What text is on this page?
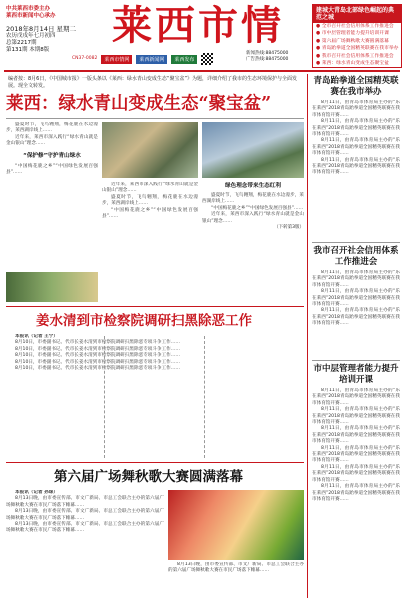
中共莱西市委主办
莱西市新闻中心承办
2018年8月14日 星期二
农历戊戌年七月初四
总第2217期
第131期 本期8版
莱西市情
CN37-0082	莱西市情网	莱西新闻网	莱西发布
新闻热线:88475000
广告热线:88475000
建城大青岛北部绿色崛起的典范之城
● 全市召开社会信用体系工作推进会
● 市中层管理者能力提升培训开课
● 第六届广场舞秋歌大赛圆满落幕
● 青岛跆拳道全国精英联赛在我市举办
● 我市召开社会信用体系工作推进会
● 莱西：绿水青山变成生态聚宝盆
编者按：8月6日，《中国城市报》一版头条以《莱西：绿水青山变成生态“聚宝盆”》为题，详细介绍了我市的生态环境保护与全面发展。现全文转发。
莱西：绿水青山变成生态“聚宝盆”

盛夏时节，飞鸟翱翔，梅花鹿在水边漫步，莱西湖岸线上……

近年来，莱西市深入践行“绿水青山就是金山银山”理念……

“保护修”守护青山绿水

“中国梅花鹿之乡”“中国绿色发展百强县”……

近年来，莱西市深入践行“绿水青山就是金山银山”理念……

盛夏时节，飞鸟翱翔，梅花鹿在水边漫步，莱西湖岸线上……

“中国梅花鹿之乡”“中国绿色发展百强县”……

绿色理念带来生态红利

盛夏时节，飞鸟翱翔，梅花鹿在水边漫步，莱西湖岸线上……

“中国梅花鹿之乡”“中国绿色发展百强县”……

近年来，莱西市深入践行“绿水青山就是金山银山”理念……

（下转第3版）
姜水清到市检察院调研扫黑除恶工作

本报讯（记者 王宁）

8月10日，市委副书记、代市长姜水清到市检察院调研扫黑除恶专项斗争工作……

8月10日，市委副书记、代市长姜水清到市检察院调研扫黑除恶专项斗争工作……

8月10日，市委副书记、代市长姜水清到市检察院调研扫黑除恶专项斗争工作……

8月10日，市委副书记、代市长姜水清到市检察院调研扫黑除恶专项斗争工作……

8月10日，市委副书记、代市长姜水清到市检察院调研扫黑除恶专项斗争工作……

第六届广场舞秋歌大赛圆满落幕

本报讯（记者 孙琛）

8月13日晚，由市委宣传部、市文广新局、市总工会联合主办的第六届广场舞秋歌大赛在市民广场落下帷幕……

8月13日晚，由市委宣传部、市文广新局、市总工会联合主办的第六届广场舞秋歌大赛在市民广场落下帷幕……

8月13日晚，由市委宣传部、市文广新局、市总工会联合主办的第六届广场舞秋歌大赛在市民广场落下帷幕……

8月13日晚，由市委宣传部、市文广新局、市总工会联合主办的第六届广场舞秋歌大赛在市民广场落下帷幕……

青岛跆拳道全国精英联赛在我市举办

8月11日，由青岛市体育局主办的“乐在莱西”2018青岛跆拳道全国精英联赛在我市体育馆开赛……

8月11日，由青岛市体育局主办的“乐在莱西”2018青岛跆拳道全国精英联赛在我市体育馆开赛……

8月11日，由青岛市体育局主办的“乐在莱西”2018青岛跆拳道全国精英联赛在我市体育馆开赛……

8月11日，由青岛市体育局主办的“乐在莱西”2018青岛跆拳道全国精英联赛在我市体育馆开赛……

我市召开社会信用体系工作推进会

8月11日，由青岛市体育局主办的“乐在莱西”2018青岛跆拳道全国精英联赛在我市体育馆开赛……

8月11日，由青岛市体育局主办的“乐在莱西”2018青岛跆拳道全国精英联赛在我市体育馆开赛……

8月11日，由青岛市体育局主办的“乐在莱西”2018青岛跆拳道全国精英联赛在我市体育馆开赛……

市中层管理者能力提升培训开课

8月11日，由青岛市体育局主办的“乐在莱西”2018青岛跆拳道全国精英联赛在我市体育馆开赛……

8月11日，由青岛市体育局主办的“乐在莱西”2018青岛跆拳道全国精英联赛在我市体育馆开赛……

8月11日，由青岛市体育局主办的“乐在莱西”2018青岛跆拳道全国精英联赛在我市体育馆开赛……

8月11日，由青岛市体育局主办的“乐在莱西”2018青岛跆拳道全国精英联赛在我市体育馆开赛……

8月11日，由青岛市体育局主办的“乐在莱西”2018青岛跆拳道全国精英联赛在我市体育馆开赛……

8月11日，由青岛市体育局主办的“乐在莱西”2018青岛跆拳道全国精英联赛在我市体育馆开赛……
